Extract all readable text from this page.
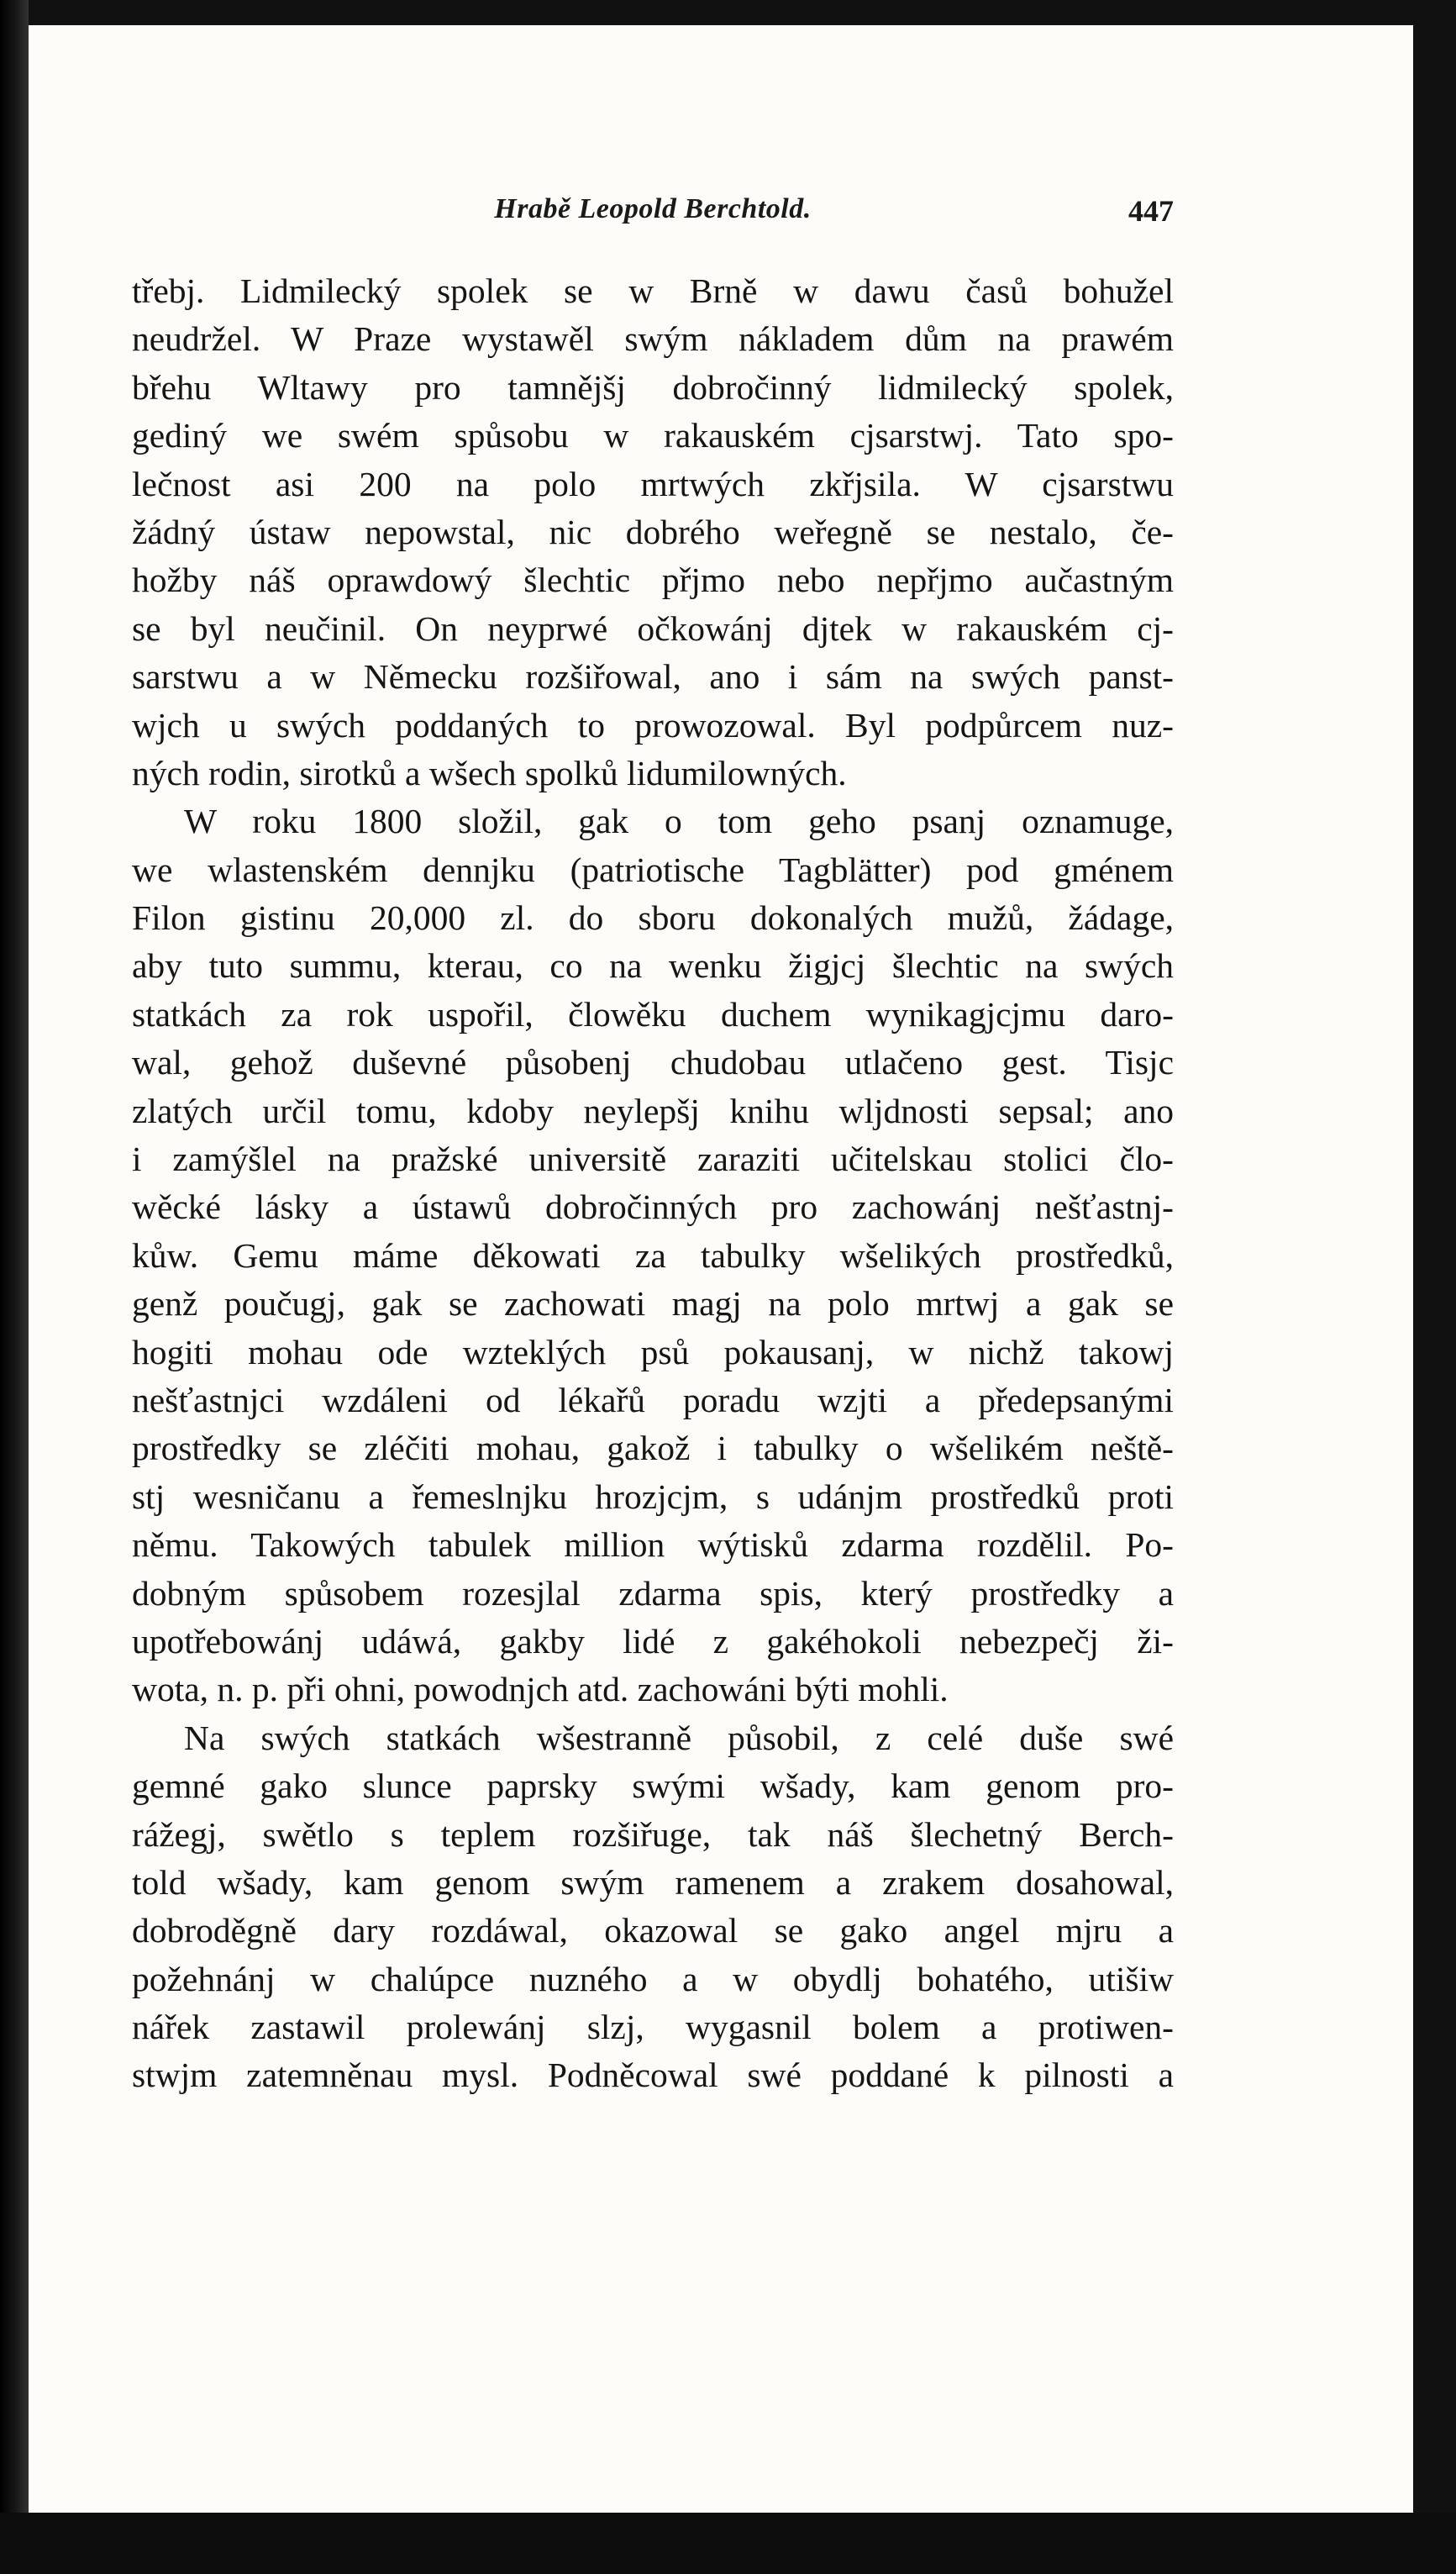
Hrabě Leopold Berchtold.	447
třebj. Lidmilecký spolek se w Brně w dawu časů bohužel
neudržel. W Praze wystawěl swým nákladem dům na prawém
břehu Wltawy pro tamnějšj dobročinný lidmilecký spolek,
gediný we swém spůsobu w rakauském cjsarstwj. Tato spo-
lečnost asi 200 na polo mrtwých zkřjsila. W cjsarstwu
žádný ústaw nepowstal, nic dobrého weřegně se nestalo, če-
hožby náš oprawdowý šlechtic přjmo nebo nepřjmo aučastným
se byl neučinil. On neyprwé očkowánj djtek w rakauském cj-
sarstwu a w Německu rozšiřowal, ano i sám na swých panst-
wjch u swých poddaných to prowozowal. Byl podpůrcem nuz-
ných rodin, sirotků a wšech spolků lidumilowných.
W roku 1800 složil, gak o tom geho psanj oznamuge,
we wlastenském dennjku (patriotische Tagblätter) pod gménem
Filon gistinu 20,000 zl. do sboru dokonalých mužů, žádage,
aby tuto summu, kterau, co na wenku žigjcj šlechtic na swých
statkách za rok uspořil, člowěku duchem wynikagjcjmu daro-
wal, gehož duševné působenj chudobau utlačeno gest. Tisjc
zlatých určil tomu, kdoby neylepšj knihu wljdnosti sepsal; ano
i zamýšlel na pražské universitě zaraziti učitelskau stolici člo-
wěcké lásky a ústawů dobročinných pro zachowánj nešťastnj-
kůw. Gemu máme děkowati za tabulky wšelikých prostředků,
genž poučugj, gak se zachowati magj na polo mrtwj a gak se
hogiti mohau ode wzteklých psů pokausanj, w nichž takowj
nešťastnjci wzdáleni od lékařů poradu wzjti a předepsanými
prostředky se zléčiti mohau, gakož i tabulky o wšelikém neště-
stj wesničanu a řemeslnjku hrozjcjm, s udánjm prostředků proti
němu. Takowých tabulek million wýtisků zdarma rozdělil. Po-
dobným spůsobem rozesjlal zdarma spis, který prostředky a
upotřebowánj udáwá, gakby lidé z gakéhokoli nebezpečj ži-
wota, n. p. při ohni, powodnjch atd. zachowáni býti mohli.
Na swých statkách wšestranně působil, z celé duše swé
gemné gako slunce paprsky swými wšady, kam genom pro-
rážegj, swětlo s teplem rozšiřuge, tak náš šlechetný Berch-
told wšady, kam genom swým ramenem a zrakem dosahowal,
dobroděgně dary rozdáwal, okazowal se gako angel mjru a
požehnánj w chalúpce nuzného a w obydlj bohatého, utišiw
nářek zastawil prolewánj slzj, wygasnil bolem a protiwen-
stwjm zatemněnau mysl. Podněcowal swé poddané k pilnosti a
